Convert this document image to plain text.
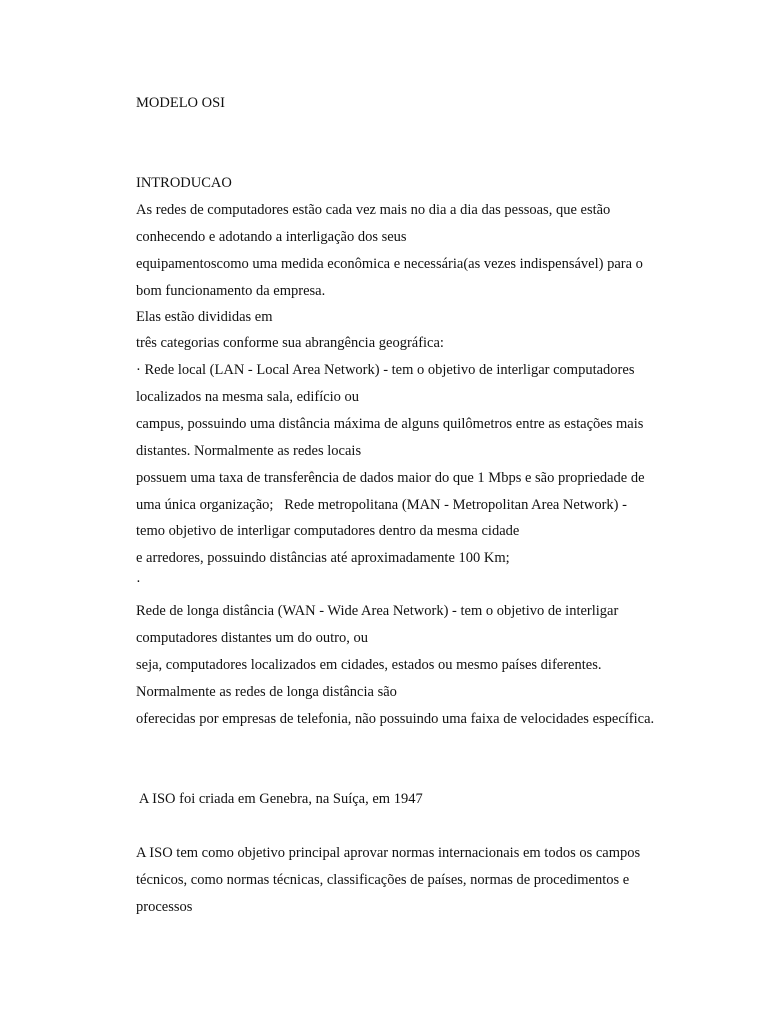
MODELO OSI

INTRODUCAO

As redes de computadores estão cada vez mais no dia a dia das pessoas, que estão

conhecendo e adotando a interligação dos seus

equipamentoscomo uma medida econômica e necessária(as vezes indispensável) para o

bom funcionamento da empresa.

Elas estão divididas em

três categorias conforme sua abrangência geográfica:

· Rede local (LAN - Local Area Network) - tem o objetivo de interligar computadores

localizados na mesma sala, edifício ou

campus, possuindo uma distância máxima de alguns quilômetros entre as estações mais

distantes. Normalmente as redes locais

possuem uma taxa de transferência de dados maior do que 1 Mbps e são propriedade de

uma única organização;   Rede metropolitana (MAN - Metropolitan Area Network) -

temo objetivo de interligar computadores dentro da mesma cidade

e arredores, possuindo distâncias até aproximadamente 100 Km;

·

Rede de longa distância (WAN - Wide Area Network) - tem o objetivo de interligar

computadores distantes um do outro, ou

seja, computadores localizados em cidades, estados ou mesmo países diferentes.

Normalmente as redes de longa distância são

oferecidas por empresas de telefonia, não possuindo uma faixa de velocidades específica.

A ISO foi criada em Genebra, na Suíça, em 1947

A ISO tem como objetivo principal aprovar normas internacionais em todos os campos

técnicos, como normas técnicas, classificações de países, normas de procedimentos e

processos
